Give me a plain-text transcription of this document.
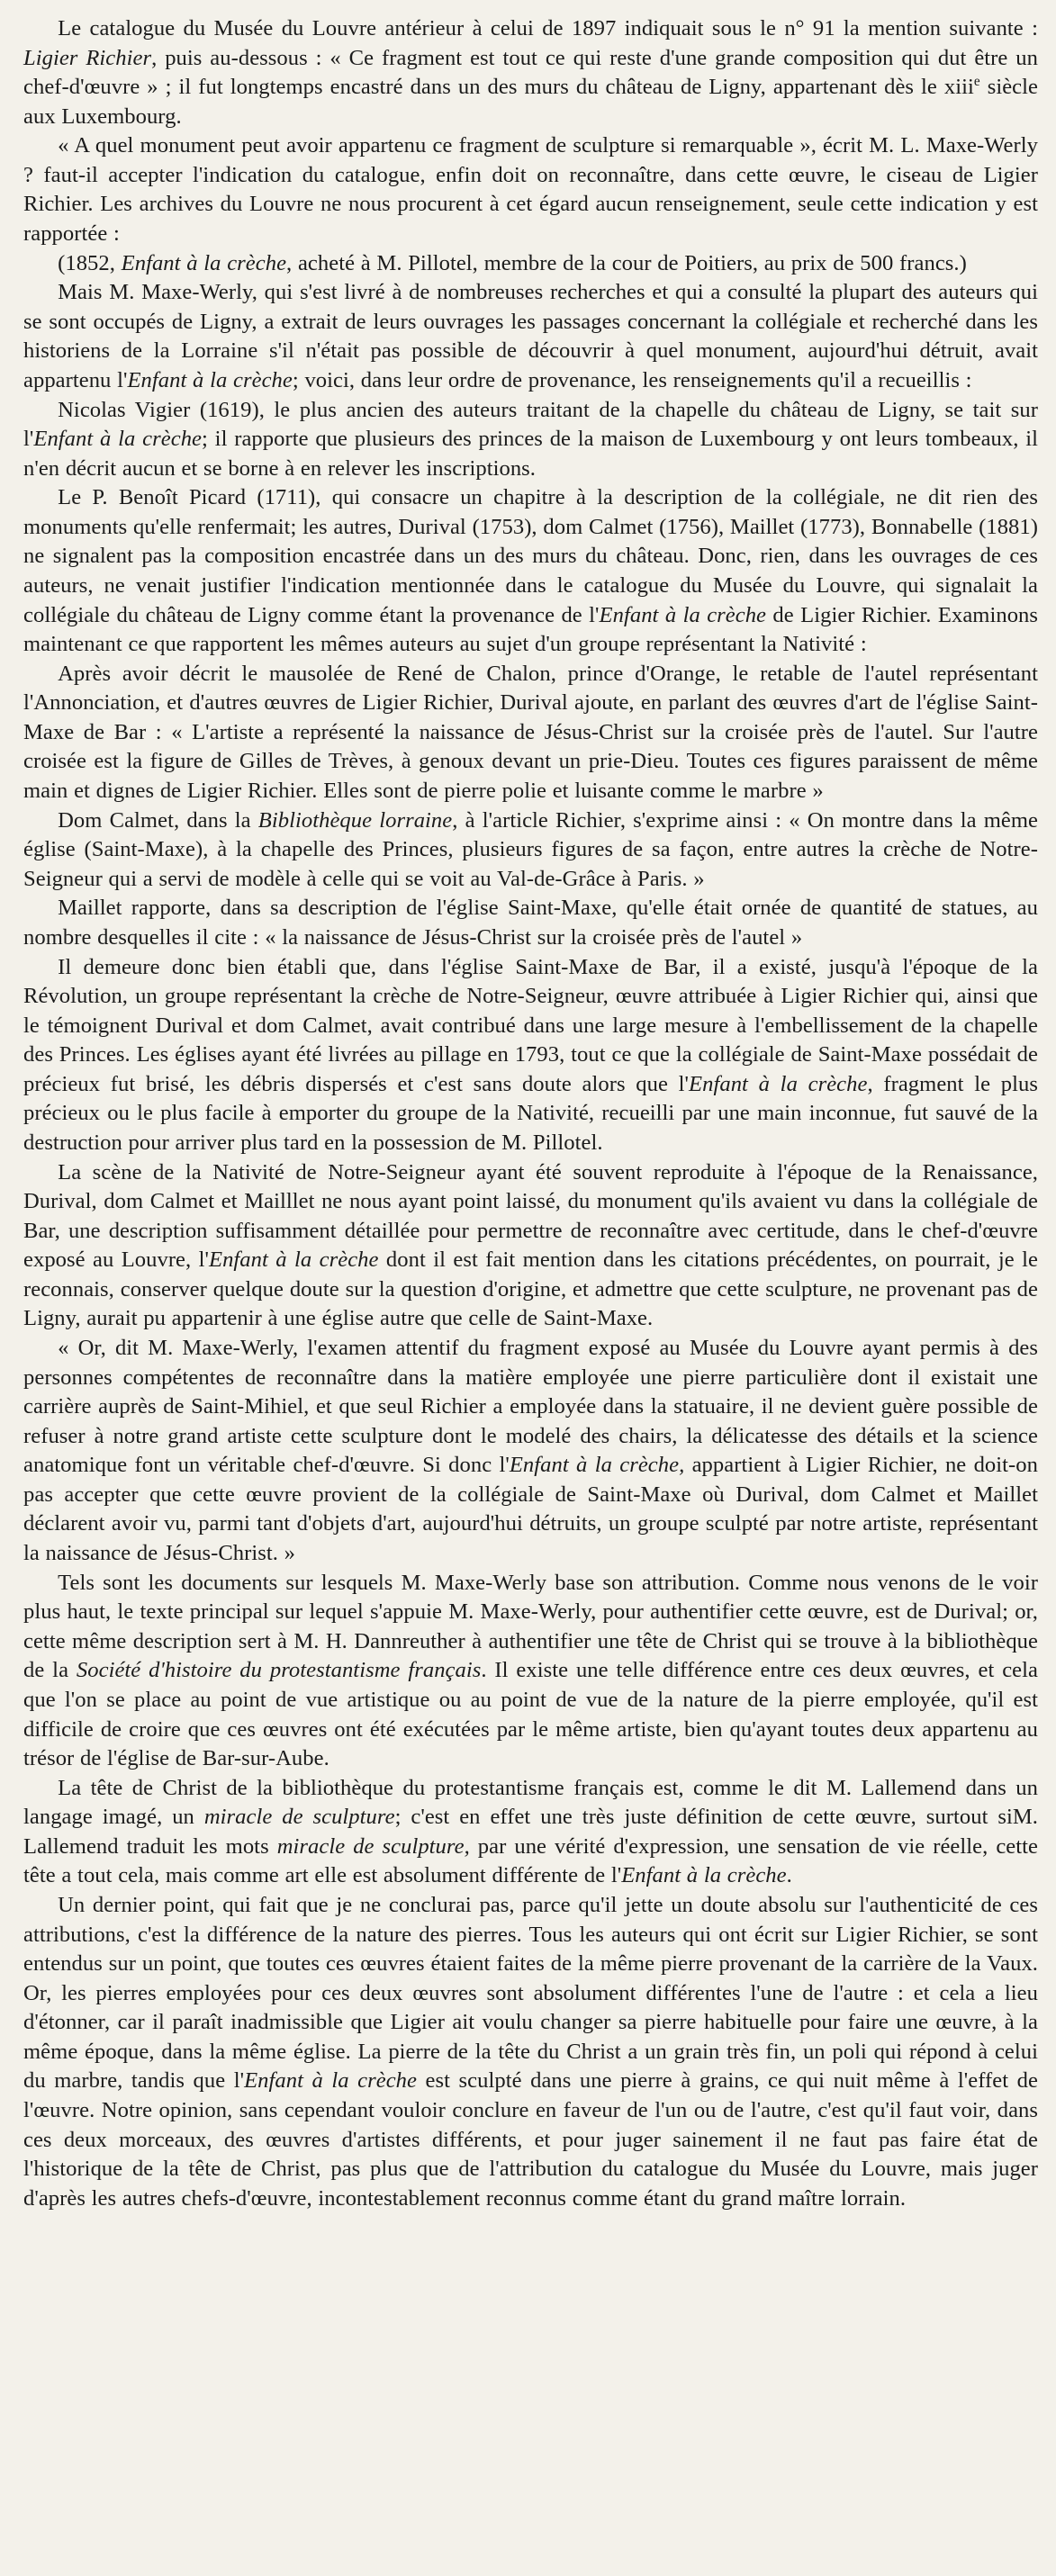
Le catalogue du Musée du Louvre antérieur à celui de 1897 indiquait sous le n° 91 la mention suivante : Ligier Richier, puis au-dessous : « Ce fragment est tout ce qui reste d'une grande composition qui dut être un chef-d'œuvre » ; il fut longtemps encastré dans un des murs du château de Ligny, appartenant dès le xiii$^e$ siècle aux Luxembourg.

« A quel monument peut avoir appartenu ce fragment de sculpture si remarquable », écrit M. L. Maxe-Werly ? faut-il accepter l'indication du catalogue, enfin doit on reconnaître, dans cette œuvre, le ciseau de Ligier Richier. Les archives du Louvre ne nous procurent à cet égard aucun renseignement, seule cette indication y est rapportée :

(1852, Enfant à la crèche, acheté à M. Pillotel, membre de la cour de Poitiers, au prix de 500 francs.)

Mais M. Maxe-Werly, qui s'est livré à de nombreuses recherches et qui a consulté la plupart des auteurs qui se sont occupés de Ligny, a extrait de leurs ouvrages les passages concernant la collégiale et recherché dans les historiens de la Lorraine s'il n'était pas possible de découvrir à quel monument, aujourd'hui détruit, avait appartenu l'Enfant à la crèche; voici, dans leur ordre de provenance, les renseignements qu'il a recueillis :

Nicolas Vigier (1619), le plus ancien des auteurs traitant de la chapelle du château de Ligny, se tait sur l'Enfant à la crèche; il rapporte que plusieurs des princes de la maison de Luxembourg y ont leurs tombeaux, il n'en décrit aucun et se borne à en relever les inscriptions.

Le P. Benoît Picard (1711), qui consacre un chapitre à la description de la collégiale, ne dit rien des monuments qu'elle renfermait; les autres, Durival (1753), dom Calmet (1756), Maillet (1773), Bonnabelle (1881) ne signalent pas la composition encastrée dans un des murs du château. Donc, rien, dans les ouvrages de ces auteurs, ne venait justifier l'indication mentionnée dans le catalogue du Musée du Louvre, qui signalait la collégiale du château de Ligny comme étant la provenance de l'Enfant à la crèche de Ligier Richier. Examinons maintenant ce que rapportent les mêmes auteurs au sujet d'un groupe représentant la Nativité :

Après avoir décrit le mausolée de René de Chalon, prince d'Orange, le retable de l'autel représentant l'Annonciation, et d'autres œuvres de Ligier Richier, Durival ajoute, en parlant des œuvres d'art de l'église Saint-Maxe de Bar : « L'artiste a représenté la naissance de Jésus-Christ sur la croisée près de l'autel. Sur l'autre croisée est la figure de Gilles de Trèves, à genoux devant un prie-Dieu. Toutes ces figures paraissent de même main et dignes de Ligier Richier. Elles sont de pierre polie et luisante comme le marbre »

Dom Calmet, dans la Bibliothèque lorraine, à l'article Richier, s'exprime ainsi : « On montre dans la même église (Saint-Maxe), à la chapelle des Princes, plusieurs figures de sa façon, entre autres la crèche de Notre-Seigneur qui a servi de modèle à celle qui se voit au Val-de-Grâce à Paris. »

Maillet rapporte, dans sa description de l'église Saint-Maxe, qu'elle était ornée de quantité de statues, au nombre desquelles il cite : « la naissance de Jésus-Christ sur la croisée près de l'autel »

Il demeure donc bien établi que, dans l'église Saint-Maxe de Bar, il a existé, jusqu'à l'époque de la Révolution, un groupe représentant la crèche de Notre-Seigneur, œuvre attribuée à Ligier Richier qui, ainsi que le témoignent Durival et dom Calmet, avait contribué dans une large mesure à l'embellissement de la chapelle des Princes. Les églises ayant été livrées au pillage en 1793, tout ce que la collégiale de Saint-Maxe possédait de précieux fut brisé, les débris dispersés et c'est sans doute alors que l'Enfant à la crèche, fragment le plus précieux ou le plus facile à emporter du groupe de la Nativité, recueilli par une main inconnue, fut sauvé de la destruction pour arriver plus tard en la possession de M. Pillotel.

La scène de la Nativité de Notre-Seigneur ayant été souvent reproduite à l'époque de la Renaissance, Durival, dom Calmet et Mailllet ne nous ayant point laissé, du monument qu'ils avaient vu dans la collégiale de Bar, une description suffisamment détaillée pour permettre de reconnaître avec certitude, dans le chef-d'œuvre exposé au Louvre, l'Enfant à la crèche dont il est fait mention dans les citations précédentes, on pourrait, je le reconnais, conserver quelque doute sur la question d'origine, et admettre que cette sculpture, ne provenant pas de Ligny, aurait pu appartenir à une église autre que celle de Saint-Maxe.

« Or, dit M. Maxe-Werly, l'examen attentif du fragment exposé au Musée du Louvre ayant permis à des personnes compétentes de reconnaître dans la matière employée une pierre particulière dont il existait une carrière auprès de Saint-Mihiel, et que seul Richier a employée dans la statuaire, il ne devient guère possible de refuser à notre grand artiste cette sculpture dont le modelé des chairs, la délicatesse des détails et la science anatomique font un véritable chef-d'œuvre. Si donc l'Enfant à la crèche, appartient à Ligier Richier, ne doit-on pas accepter que cette œuvre provient de la collégiale de Saint-Maxe où Durival, dom Calmet et Maillet déclarent avoir vu, parmi tant d'objets d'art, aujourd'hui détruits, un groupe sculpté par notre artiste, représentant la naissance de Jésus-Christ. »

Tels sont les documents sur lesquels M. Maxe-Werly base son attribution. Comme nous venons de le voir plus haut, le texte principal sur lequel s'appuie M. Maxe-Werly, pour authentifier cette œuvre, est de Durival; or, cette même description sert à M. H. Dannreuther à authentifier une tête de Christ qui se trouve à la bibliothèque de la Société d'histoire du protestantisme français. Il existe une telle différence entre ces deux œuvres, et cela que l'on se place au point de vue artistique ou au point de vue de la nature de la pierre employée, qu'il est difficile de croire que ces œuvres ont été exécutées par le même artiste, bien qu'ayant toutes deux appartenu au trésor de l'église de Bar-sur-Aube.

La tête de Christ de la bibliothèque du protestantisme français est, comme le dit M. Lallemend dans un langage imagé, un miracle de sculpture; c'est en effet une très juste définition de cette œuvre, surtout siM. Lallemend traduit les mots miracle de sculpture, par une vérité d'expression, une sensation de vie réelle, cette tête a tout cela, mais comme art elle est absolument différente de l'Enfant à la crèche.

Un dernier point, qui fait que je ne conclurai pas, parce qu'il jette un doute absolu sur l'authenticité de ces attributions, c'est la différence de la nature des pierres. Tous les auteurs qui ont écrit sur Ligier Richier, se sont entendus sur un point, que toutes ces œuvres étaient faites de la même pierre provenant de la carrière de la Vaux. Or, les pierres employées pour ces deux œuvres sont absolument différentes l'une de l'autre : et cela a lieu d'étonner, car il paraît inadmissible que Ligier ait voulu changer sa pierre habituelle pour faire une œuvre, à la même époque, dans la même église. La pierre de la tête du Christ a un grain très fin, un poli qui répond à celui du marbre, tandis que l'Enfant à la crèche est sculpté dans une pierre à grains, ce qui nuit même à l'effet de l'œuvre. Notre opinion, sans cependant vouloir conclure en faveur de l'un ou de l'autre, c'est qu'il faut voir, dans ces deux morceaux, des œuvres d'artistes différents, et pour juger sainement il ne faut pas faire état de l'historique de la tête de Christ, pas plus que de l'attribution du catalogue du Musée du Louvre, mais juger d'après les autres chefs-d'œuvre, incontestablement reconnus comme étant du grand maître lorrain.
